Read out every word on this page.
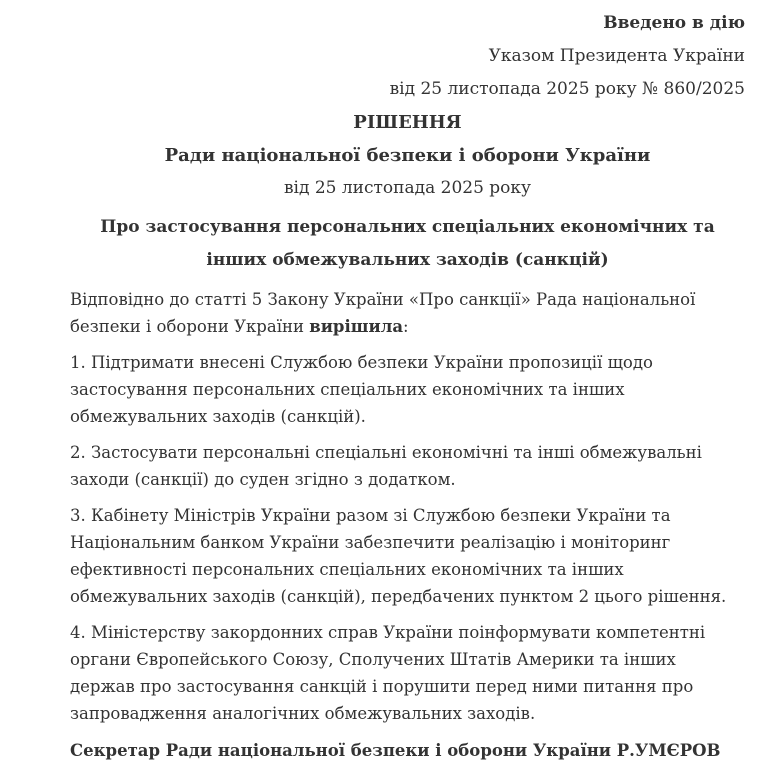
Введено в дію

Указом Президента України

від 25 листопада 2025 року № 860/2025

РІШЕННЯ

Ради національної безпеки і оборони України

від 25 листопада 2025 року

Про застосування персональних спеціальних економічних та інших обмежувальних заходів (санкцій)

Відповідно до статті 5 Закону України «Про санкції» Рада національної безпеки і оборони України вирішила:

1. Підтримати внесені Службою безпеки України пропозиції щодо застосування персональних спеціальних економічних та інших обмежувальних заходів (санкцій).

2. Застосувати персональні спеціальні економічні та інші обмежувальні заходи (санкції) до суден згідно з додатком.

3. Кабінету Міністрів України разом зі Службою безпеки України та Національним банком України забезпечити реалізацію і моніторинг ефективності персональних спеціальних економічних та інших обмежувальних заходів (санкцій), передбачених пунктом 2 цього рішення.

4. Міністерству закордонних справ України поінформувати компетентні органи Європейського Союзу, Сполучених Штатів Америки та інших держав про застосування санкцій і порушити перед ними питання про запровадження аналогічних обмежувальних заходів.

Секретар Ради національної безпеки і оборони України Р.УМЄРОВ
